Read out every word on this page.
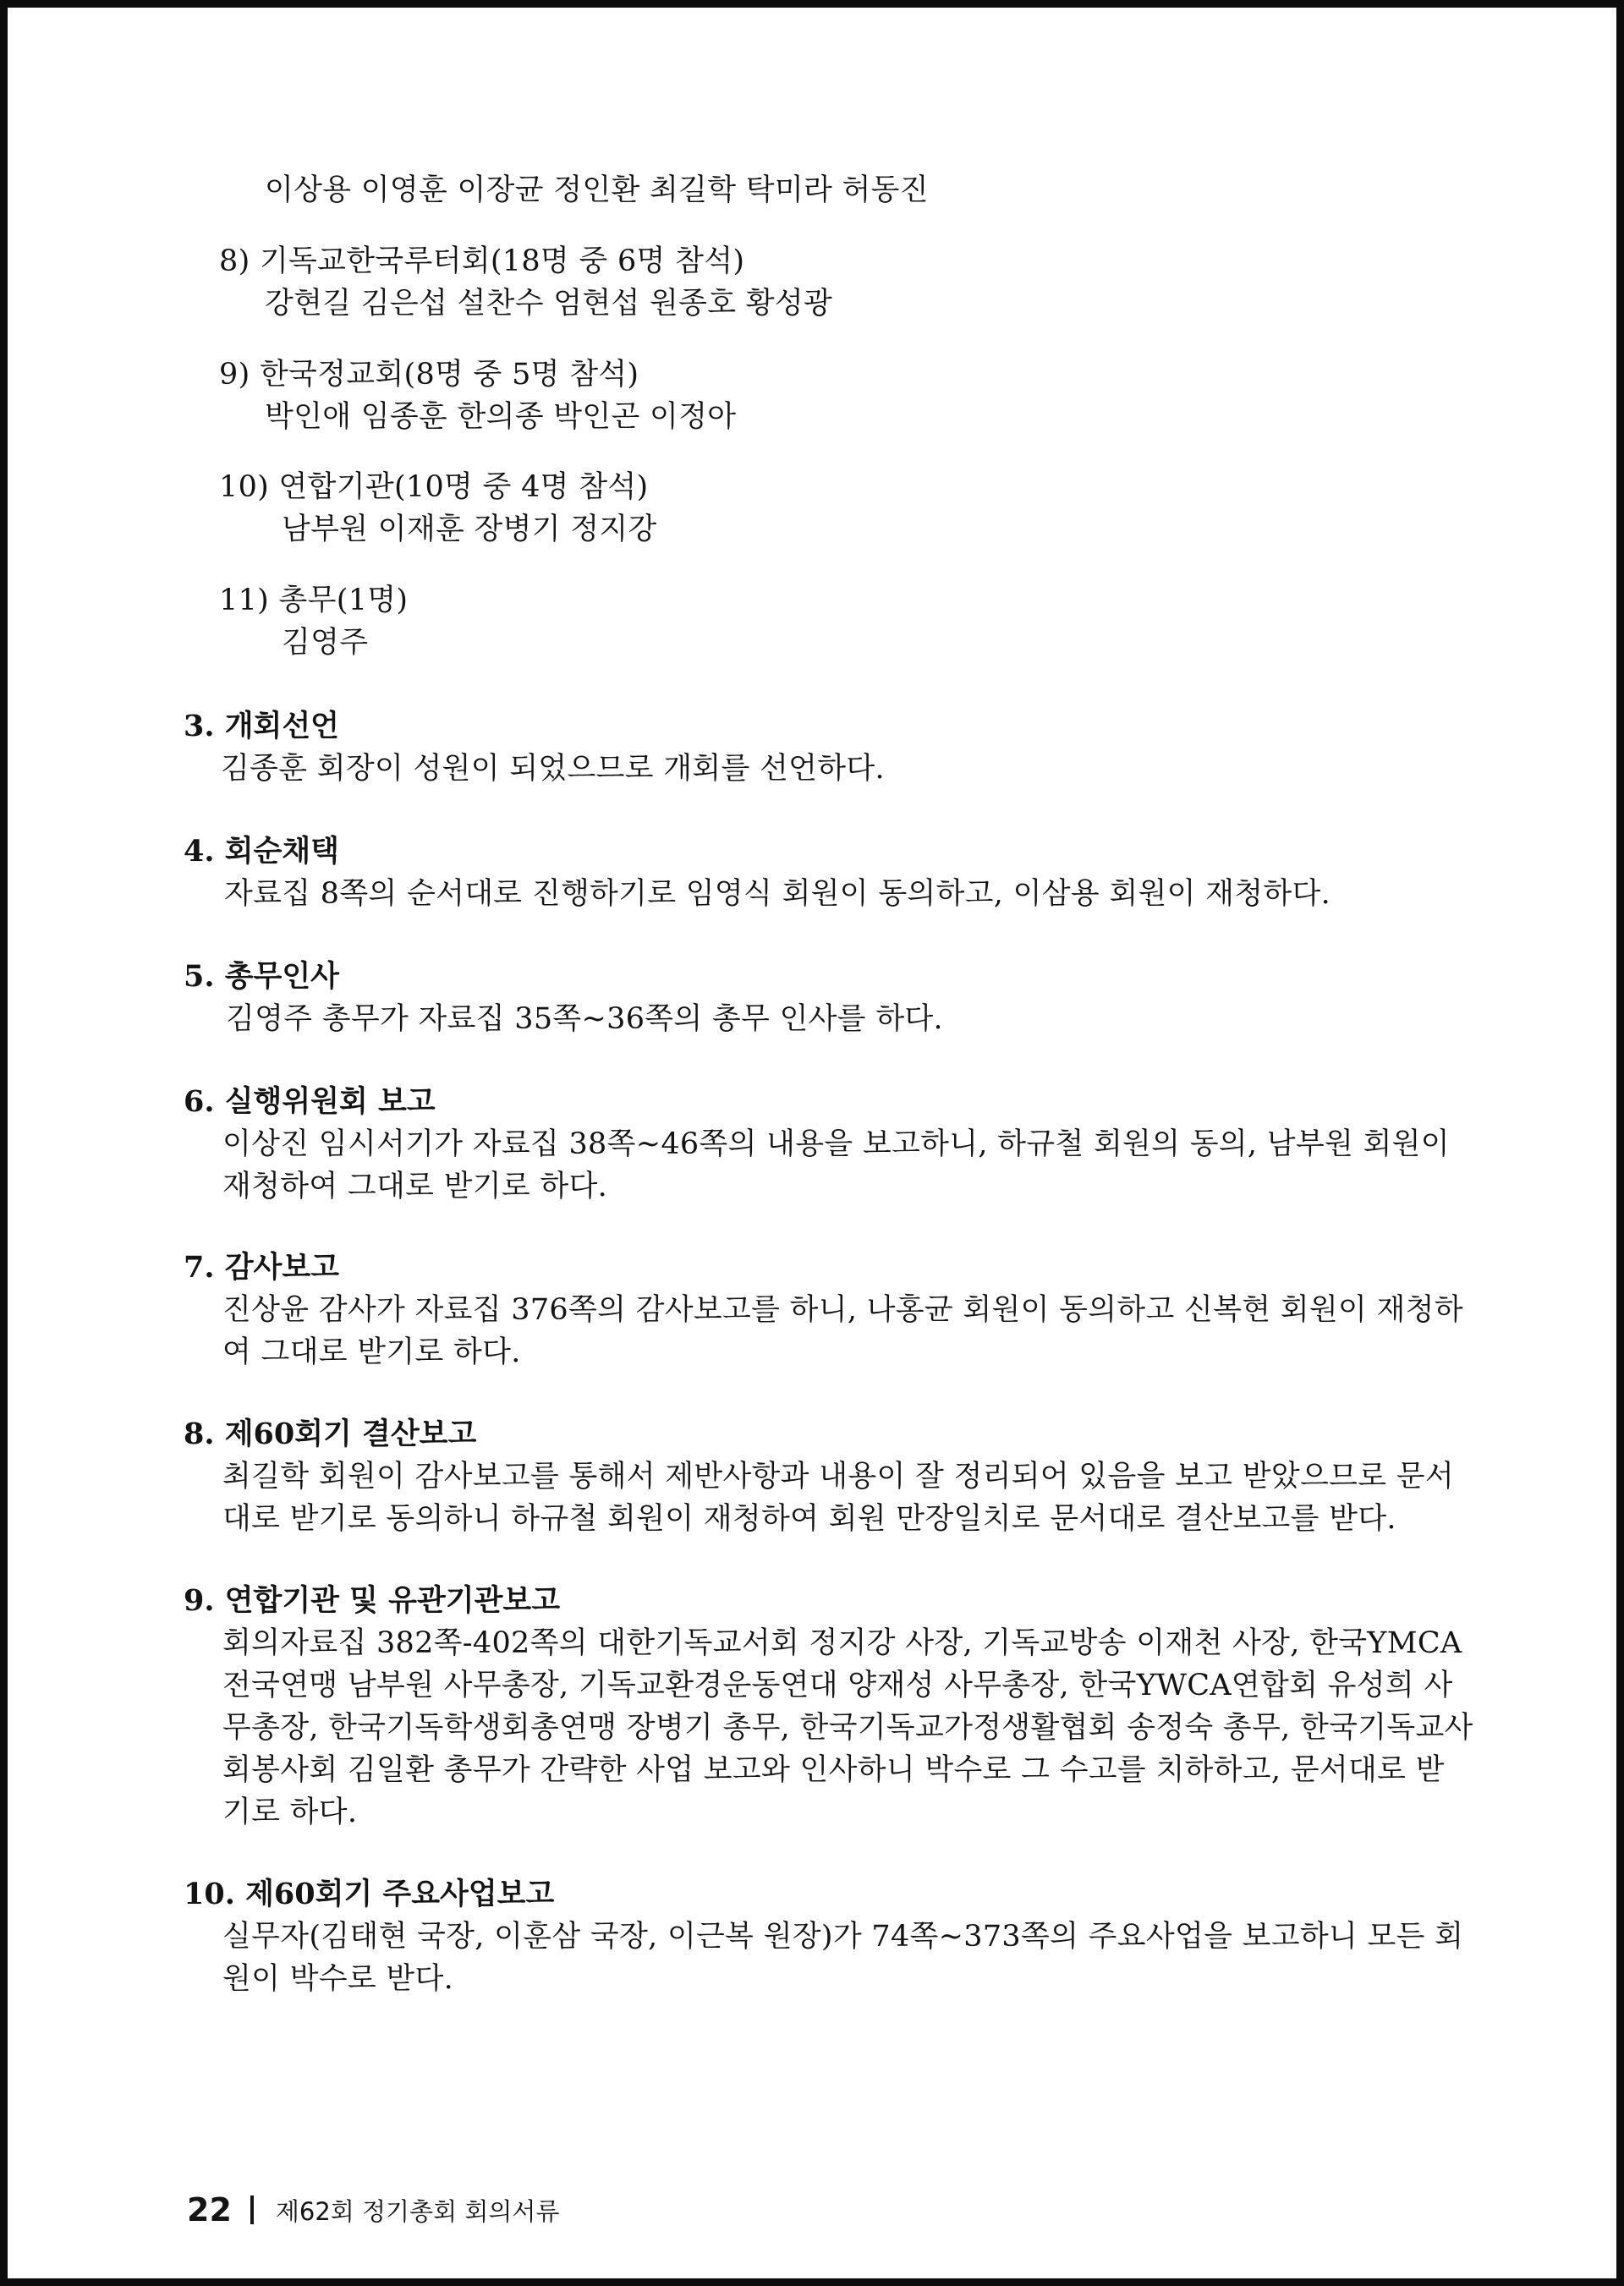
이상용 이영훈 이장균 정인환 최길학 탁미라 허동진
8) 기독교한국루터회(18명 중 6명 참석)
강현길 김은섭 설찬수 엄현섭 원종호 황성광
9) 한국정교회(8명 중 5명 참석)
박인애 임종훈 한의종 박인곤 이정아
10) 연합기관(10명 중 4명 참석)
남부원 이재훈 장병기 정지강
11) 총무(1명)
김영주
3. 개회선언
김종훈 회장이 성원이 되었으므로 개회를 선언하다.
4. 회순채택
자료집 8쪽의 순서대로 진행하기로 임영식 회원이 동의하고, 이삼용 회원이 재청하다.
5. 총무인사
김영주 총무가 자료집 35쪽~36쪽의 총무 인사를 하다.
6. 실행위원회 보고
이상진 임시서기가 자료집 38쪽~46쪽의 내용을 보고하니, 하규철 회원의 동의, 남부원 회원이
재청하여 그대로 받기로 하다.
7. 감사보고
진상윤 감사가 자료집 376쪽의 감사보고를 하니, 나홍균 회원이 동의하고 신복현 회원이 재청하
여 그대로 받기로 하다.
8. 제60회기 결산보고
최길학 회원이 감사보고를 통해서 제반사항과 내용이 잘 정리되어 있음을 보고 받았으므로 문서
대로 받기로 동의하니 하규철 회원이 재청하여 회원 만장일치로 문서대로 결산보고를 받다.
9. 연합기관 및 유관기관보고
회의자료집 382쪽-402쪽의 대한기독교서회 정지강 사장, 기독교방송 이재천 사장, 한국YMCA
전국연맹 남부원 사무총장, 기독교환경운동연대 양재성 사무총장, 한국YWCA연합회 유성희 사
무총장, 한국기독학생회총연맹 장병기 총무, 한국기독교가정생활협회 송정숙 총무, 한국기독교사
회봉사회 김일환 총무가 간략한 사업 보고와 인사하니 박수로 그 수고를 치하하고, 문서대로 받
기로 하다.
10. 제60회기 주요사업보고
실무자(김태현 국장, 이훈삼 국장, 이근복 원장)가 74쪽~373쪽의 주요사업을 보고하니 모든 회
원이 박수로 받다.
22 제62회 정기총회 회의서류
